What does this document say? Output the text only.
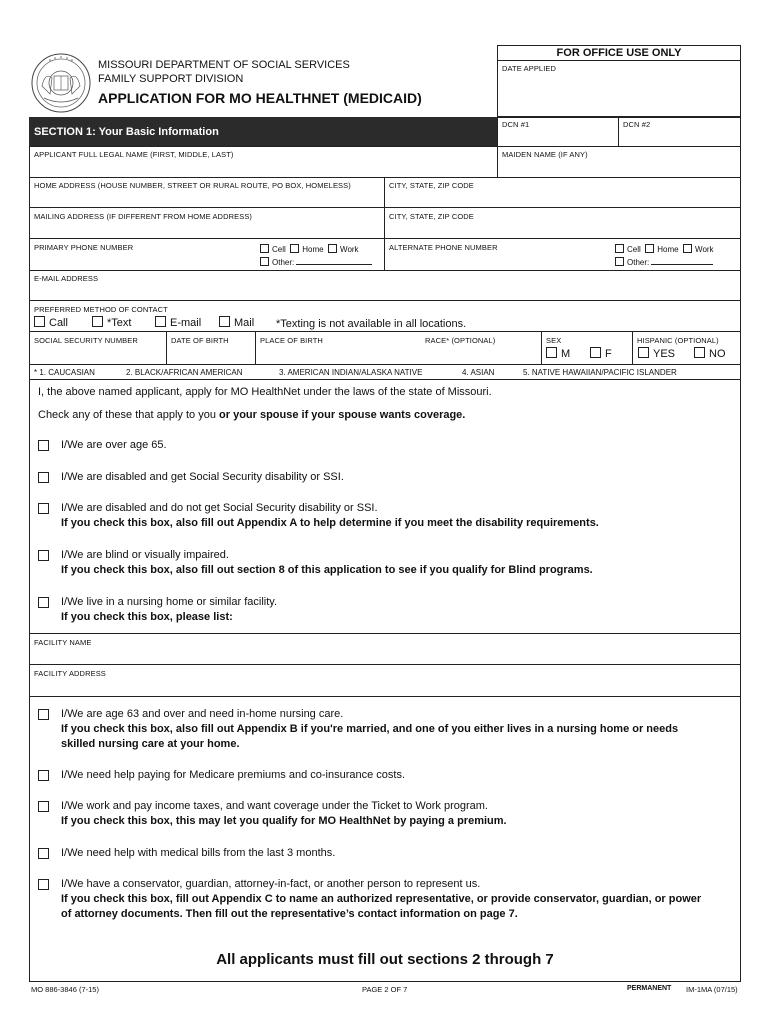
MISSOURI DEPARTMENT OF SOCIAL SERVICES
FAMILY SUPPORT DIVISION
APPLICATION FOR MO HEALTHNET (MEDICAID)
FOR OFFICE USE ONLY
DATE APPLIED
SECTION 1: Your Basic Information
DCN #1	DCN #2
APPLICANT FULL LEGAL NAME (FIRST, MIDDLE, LAST)	MAIDEN NAME (IF ANY)
HOME ADDRESS (HOUSE NUMBER, STREET OR RURAL ROUTE, PO BOX, HOMELESS)	CITY, STATE, ZIP CODE
MAILING ADDRESS (IF DIFFERENT FROM HOME ADDRESS)	CITY, STATE, ZIP CODE
PRIMARY PHONE NUMBER	ALTERNATE PHONE NUMBER
Cell Home Work
Other:
Cell Home Work
Other:
E-MAIL ADDRESS
PREFERRED METHOD OF CONTACT
Call	*Text	E-mail	Mail *Texting is not available in all locations.
SOCIAL SECURITY NUMBER	DATE OF BIRTH	PLACE OF BIRTH	RACE* (OPTIONAL)	SEX	HISPANIC (OPTIONAL)
M	F	YES	NO
* 1. CAUCASIAN	2. BLACK/AFRICAN AMERICAN	3. AMERICAN INDIAN/ALASKA NATIVE	4. ASIAN	5. NATIVE HAWAIIAN/PACIFIC ISLANDER
I, the above named applicant, apply for MO HealthNet under the laws of the state of Missouri.
Check any of these that apply to you or your spouse if your spouse wants coverage.
I/We are over age 65.
I/We are disabled and get Social Security disability or SSI.
I/We are disabled and do not get Social Security disability or SSI.
If you check this box, also fill out Appendix A to help determine if you meet the disability requirements.
I/We are blind or visually impaired.
If you check this box, also fill out section 8 of this application to see if you qualify for Blind programs.
I/We live in a nursing home or similar facility.
If you check this box, please list:
FACILITY NAME
FACILITY ADDRESS
I/We are age 63 and over and need in-home nursing care.
If you check this box, also fill out Appendix B if you're married, and one of you either lives in a nursing home or needs
skilled nursing care at your home.
I/We need help paying for Medicare premiums and co-insurance costs.
I/We work and pay income taxes, and want coverage under the Ticket to Work program.
If you check this box, this may let you qualify for MO HealthNet by paying a premium.
I/We need help with medical bills from the last 3 months.
I/We have a conservator, guardian, attorney-in-fact, or another person to represent us.
If you check this box, fill out Appendix C to name an authorized representative, or provide conservator, guardian, or power
of attorney documents. Then fill out the representative’s contact information on page 7.
All applicants must fill out sections 2 through 7
MO 886-3846 (7-15)	PAGE 2 OF 7	PERMANENT IM-1MA (07/15)
